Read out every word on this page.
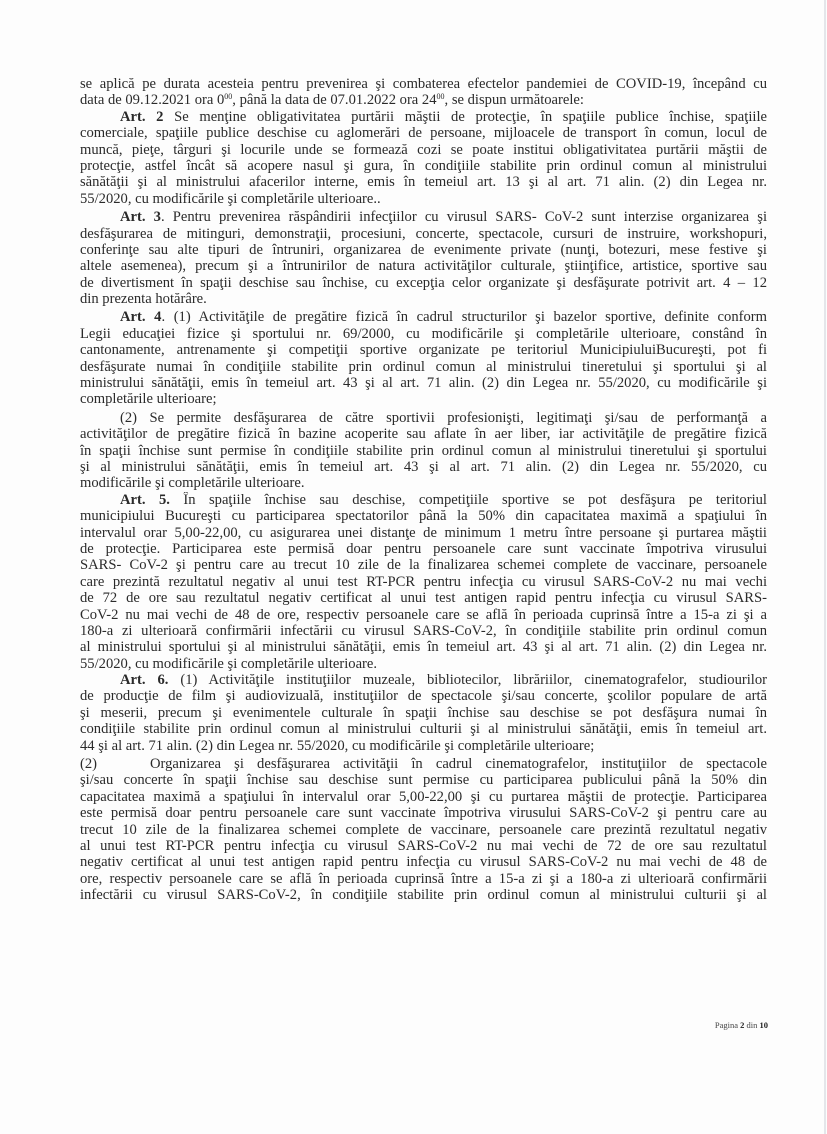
se aplică pe durata acesteia pentru prevenirea şi combaterea efectelor pandemiei de COVID-19, începând cu
data de 09.12.2021 ora $0^{00}$, până la data de 07.01.2022 ora $24^{00}$, se dispun următoarele:
Art. 2 Se menţine obligativitatea purtării măştii de protecţie, în spaţiile publice închise, spaţiile
comerciale, spaţiile publice deschise cu aglomerări de persoane, mijloacele de transport în comun, locul de
muncă, pieţe, târguri şi locurile unde se formează cozi se poate institui obligativitatea purtării măştii de
protecţie, astfel încât să acopere nasul şi gura, în condiţiile stabilite prin ordinul comun al ministrului
sănătăţii şi al ministrului afacerilor interne, emis în temeiul art. 13 şi al art. 71 alin. (2) din Legea nr.
55/2020, cu modificările şi completările ulterioare..
Art. 3. Pentru prevenirea răspândirii infecţiilor cu virusul SARS- CoV-2 sunt interzise organizarea şi
desfăşurarea de mitinguri, demonstraţii, procesiuni, concerte, spectacole, cursuri de instruire, workshopuri,
conferinţe sau alte tipuri de întruniri, organizarea de evenimente private (nunţi, botezuri, mese festive şi
altele asemenea), precum şi a întrunirilor de natura activităţilor culturale, ştiinţifice, artistice, sportive sau
de divertisment în spaţii deschise sau închise, cu excepţia celor organizate şi desfăşurate potrivit art. 4 – 12
din prezenta hotărâre.
Art. 4. (1) Activităţile de pregătire fizică în cadrul structurilor şi bazelor sportive, definite conform
Legii educaţiei fizice şi sportului nr. 69/2000, cu modificările şi completările ulterioare, constând în
cantonamente, antrenamente şi competiţii sportive organizate pe teritoriul MunicipiuluiBucureşti, pot fi
desfăşurate numai în condiţiile stabilite prin ordinul comun al ministrului tineretului şi sportului şi al
ministrului sănătăţii, emis în temeiul art. 43 şi al art. 71 alin. (2) din Legea nr. 55/2020, cu modificările şi
completările ulterioare;
(2) Se permite desfăşurarea de către sportivii profesionişti, legitimaţi şi/sau de performanţă a
activităţilor de pregătire fizică în bazine acoperite sau aflate în aer liber, iar activităţile de pregătire fizică
în spaţii închise sunt permise în condiţiile stabilite prin ordinul comun al ministrului tineretului şi sportului
şi al ministrului sănătăţii, emis în temeiul art. 43 şi al art. 71 alin. (2) din Legea nr. 55/2020, cu
modificările şi completările ulterioare.
Art. 5. În spaţiile închise sau deschise, competiţiile sportive se pot desfăşura pe teritoriul
municipiului Bucureşti cu participarea spectatorilor până la 50% din capacitatea maximă a spaţiului în
intervalul orar 5,00-22,00, cu asigurarea unei distanţe de minimum 1 metru între persoane şi purtarea măştii
de protecţie. Participarea este permisă doar pentru persoanele care sunt vaccinate împotriva virusului
SARS- CoV-2 şi pentru care au trecut 10 zile de la finalizarea schemei complete de vaccinare, persoanele
care prezintă rezultatul negativ al unui test RT-PCR pentru infecţia cu virusul SARS-CoV-2 nu mai vechi
de 72 de ore sau rezultatul negativ certificat al unui test antigen rapid pentru infecţia cu virusul SARS-
CoV-2 nu mai vechi de 48 de ore, respectiv persoanele care se află în perioada cuprinsă între a 15-a zi şi a
180-a zi ulterioară confirmării infectării cu virusul SARS-CoV-2, în condiţiile stabilite prin ordinul comun
al ministrului sportului şi al ministrului sănătăţii, emis în temeiul art. 43 şi al art. 71 alin. (2) din Legea nr.
55/2020, cu modificările şi completările ulterioare.
Art. 6. (1) Activităţile instituţiilor muzeale, bibliotecilor, librăriilor, cinematografelor, studiourilor
de producţie de film şi audiovizuală, instituţiilor de spectacole şi/sau concerte, şcolilor populare de artă
şi meserii, precum şi evenimentele culturale în spaţii închise sau deschise se pot desfăşura numai în
condiţiile stabilite prin ordinul comun al ministrului culturii şi al ministrului sănătăţii, emis în temeiul art.
44 şi al art. 71 alin. (2) din Legea nr. 55/2020, cu modificările şi completările ulterioare;
(2)	Organizarea şi desfăşurarea activităţii în cadrul cinematografelor, instituţiilor de spectacole
şi/sau concerte în spaţii închise sau deschise sunt permise cu participarea publicului până la 50% din
capacitatea maximă a spaţiului în intervalul orar 5,00-22,00 şi cu purtarea măştii de protecţie. Participarea
este permisă doar pentru persoanele care sunt vaccinate împotriva virusului SARS-CoV-2 şi pentru care au
trecut 10 zile de la finalizarea schemei complete de vaccinare, persoanele care prezintă rezultatul negativ
al unui test RT-PCR pentru infecţia cu virusul SARS-CoV-2 nu mai vechi de 72 de ore sau rezultatul
negativ certificat al unui test antigen rapid pentru infecţia cu virusul SARS-CoV-2 nu mai vechi de 48 de
ore, respectiv persoanele care se află în perioada cuprinsă între a 15-a zi şi a 180-a zi ulterioară confirmării
infectării cu virusul SARS-CoV-2, în condiţiile stabilite prin ordinul comun al ministrului culturii şi al
Pagina 2 din 10
